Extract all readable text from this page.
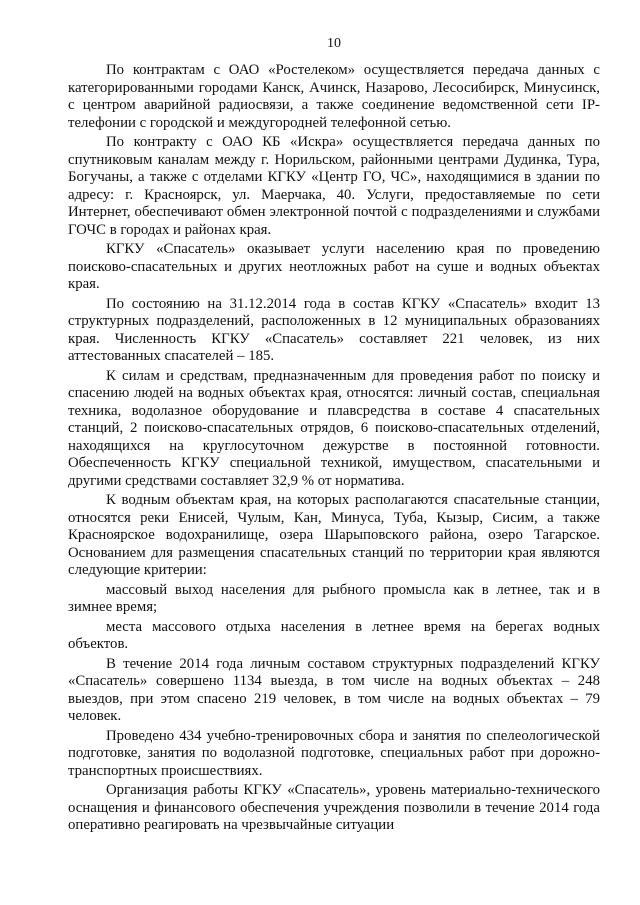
10

По контрактам с ОАО «Ростелеком» осуществляется передача данных с категорированными городами Канск, Ачинск, Назарово, Лесосибирск, Минусинск, с центром аварийной радиосвязи, а также соединение ведомственной сети IP-телефонии с городской и междугородней телефонной сетью.

По контракту с ОАО КБ «Искра» осуществляется передача данных по спутниковым каналам между г. Норильском, районными центрами Дудинка, Тура, Богучаны, а также с отделами КГКУ «Центр ГО, ЧС», находящимися в здании по адресу: г. Красноярск, ул. Маерчака, 40. Услуги, предоставляемые по сети Интернет, обеспечивают обмен электронной почтой с подразделениями и службами ГОЧС в городах и районах края.

КГКУ «Спасатель» оказывает услуги населению края по проведению поисково-спасательных и других неотложных работ на суше и водных объектах края.

По состоянию на 31.12.2014 года в состав КГКУ «Спасатель» входит 13 структурных подразделений, расположенных в 12 муниципальных образованиях края. Численность КГКУ «Спасатель» составляет 221 человек, из них аттестованных спасателей – 185.

К силам и средствам, предназначенным для проведения работ по поиску и спасению людей на водных объектах края, относятся: личный состав, специальная техника, водолазное оборудование и плавсредства в составе 4 спасательных станций, 2 поисково-спасательных отрядов, 6 поисково-спасательных отделений, находящихся на круглосуточном дежурстве в постоянной готовности. Обеспеченность КГКУ специальной техникой, имуществом, спасательными и другими средствами составляет 32,9 % от норматива.

К водным объектам края, на которых располагаются спасательные станции, относятся реки Енисей, Чулым, Кан, Минуса, Туба, Кызыр, Сисим, а также Красноярское водохранилище, озера Шарыповского района, озеро Тагарское. Основанием для размещения спасательных станций по территории края являются следующие критерии:

массовый выход населения для рыбного промысла как в летнее, так и в зимнее время;

места массового отдыха населения в летнее время на берегах водных объектов.

В течение 2014 года личным составом структурных подразделений КГКУ «Спасатель» совершено 1134 выезда, в том числе на водных объектах – 248 выездов, при этом спасено 219 человек, в том числе на водных объектах – 79 человек.

Проведено 434 учебно-тренировочных сбора и занятия по спелеологической подготовке, занятия по водолазной подготовке, специальных работ при дорожно-транспортных происшествиях.

Организация работы КГКУ «Спасатель», уровень материально-технического оснащения и финансового обеспечения учреждения позволили в течение 2014 года оперативно реагировать на чрезвычайные ситуации
